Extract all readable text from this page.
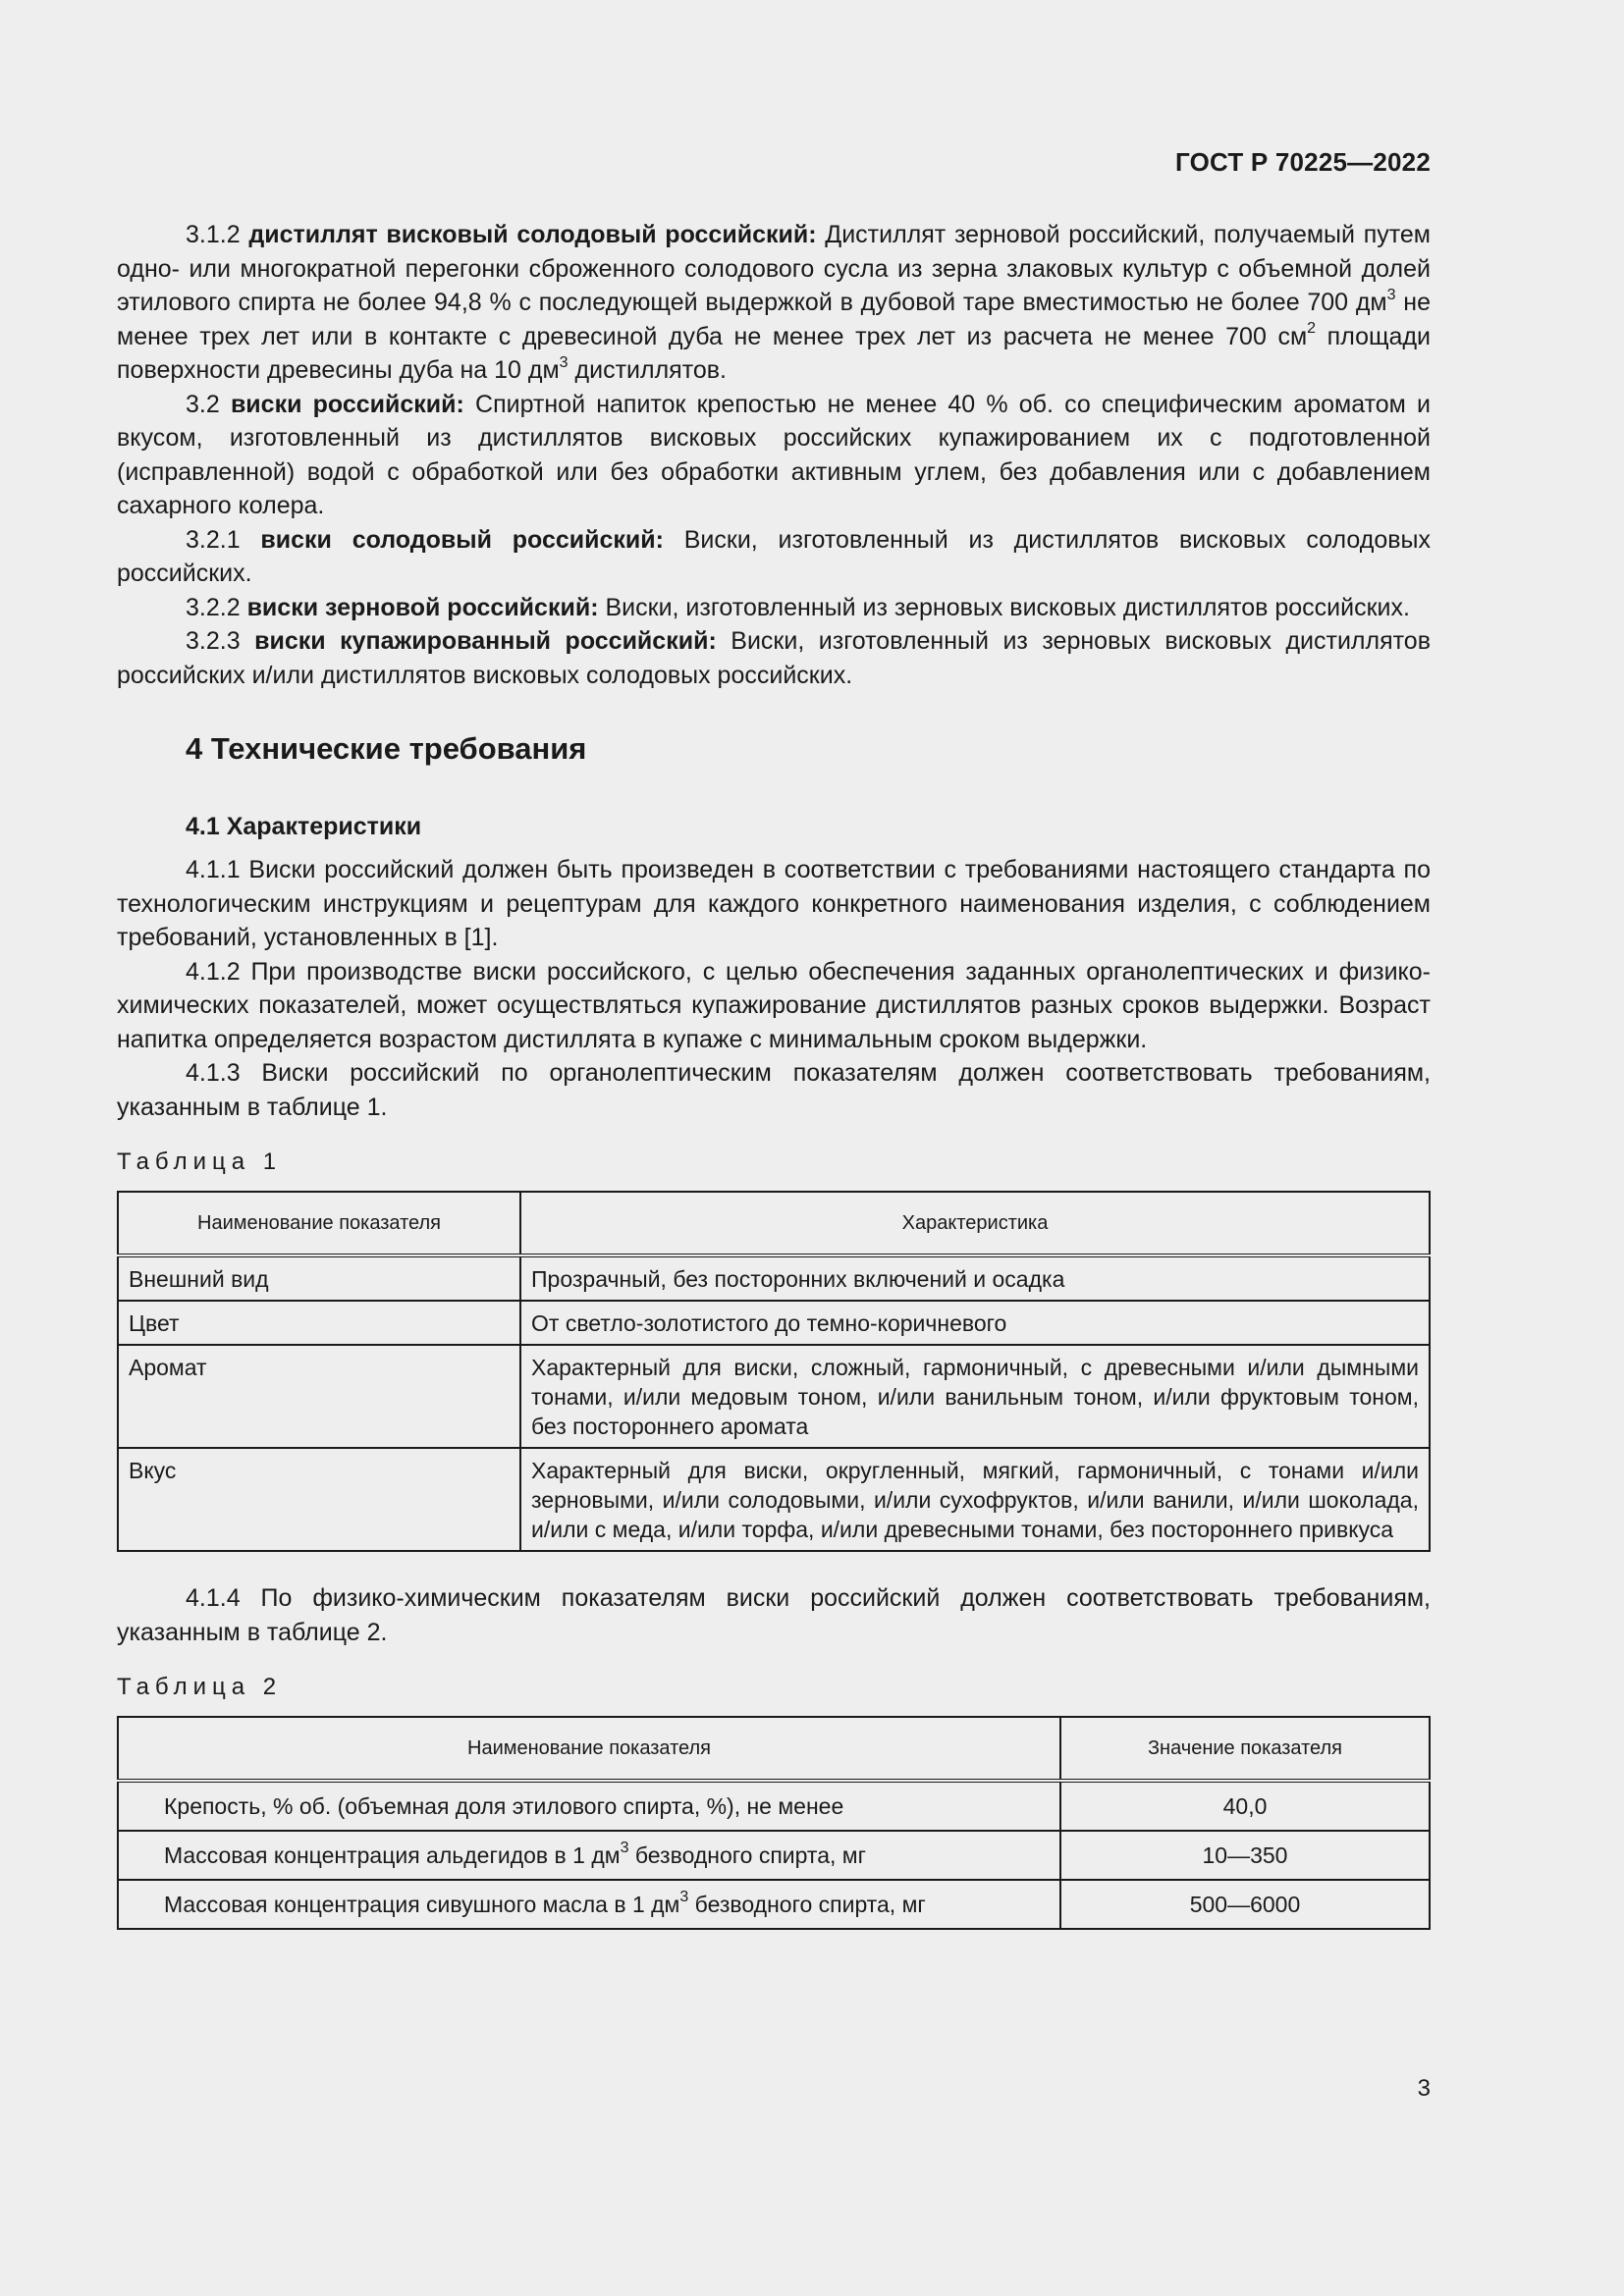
ГОСТ Р 70225—2022

3.1.2 дистиллят висковый солодовый российский: Дистиллят зерновой российский, получаемый путем одно- или многократной перегонки сброженного солодового сусла из зерна злаковых культур с объемной долей этилового спирта не более 94,8 % с последующей выдержкой в дубовой таре вместимостью не более 700 $дм^3$ не менее трех лет или в контакте с древесиной дуба не менее трех лет из расчета не менее 700 $см^2$ площади поверхности древесины дуба на 10 $дм^3$ дистиллятов.

3.2 виски российский: Спиртной напиток крепостью не менее 40 % об. со специфическим ароматом и вкусом, изготовленный из дистиллятов висковых российских купажированием их с подготовленной (исправленной) водой с обработкой или без обработки активным углем, без добавления или с добавлением сахарного колера.

3.2.1 виски солодовый российский: Виски, изготовленный из дистиллятов висковых солодовых российских.

3.2.2 виски зерновой российский: Виски, изготовленный из зерновых висковых дистиллятов российских.

3.2.3 виски купажированный российский: Виски, изготовленный из зерновых висковых дистиллятов российских и/или дистиллятов висковых солодовых российских.

4 Технические требования
4.1 Характеристики

4.1.1 Виски российский должен быть произведен в соответствии с требованиями настоящего стандарта по технологическим инструкциям и рецептурам для каждого конкретного наименования изделия, с соблюдением требований, установленных в [1].

4.1.2 При производстве виски российского, с целью обеспечения заданных органолептических и физико-химических показателей, может осуществляться купажирование дистиллятов разных сроков выдержки. Возраст напитка определяется возрастом дистиллята в купаже с минимальным сроком выдержки.

4.1.3 Виски российский по органолептическим показателям должен соответствовать требованиям, указанным в таблице 1.

Таблица 1
Наименование показателя	Характеристика
Внешний вид	Прозрачный, без посторонних включений и осадка
Цвет	От светло-золотистого до темно-коричневого
Аромат	Характерный для виски, сложный, гармоничный, с древесными и/или дымными тонами, и/или медовым тоном, и/или ванильным тоном, и/или фруктовым тоном, без постороннего аромата
Вкус	Характерный для виски, округленный, мягкий, гармоничный, с тонами и/или зерновыми, и/или солодовыми, и/или сухофруктов, и/или ванили, и/или шоколада, и/или с меда, и/или торфа, и/или древесными тонами, без постороннего привкуса

4.1.4 По физико-химическим показателям виски российский должен соответствовать требованиям, указанным в таблице 2.

Таблица 2
Наименование показателя	Значение показателя
Крепость, % об. (объемная доля этилового спирта, %), не менее	40,0
Массовая концентрация альдегидов в 1 $дм^3$ безводного спирта, мг	10—350
Массовая концентрация сивушного масла в 1 $дм^3$ безводного спирта, мг	500—6000
3
